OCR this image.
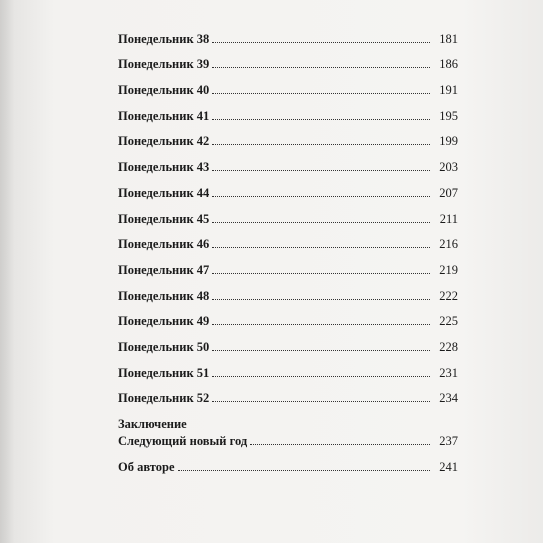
Понедельник 38	181
Понедельник 39	186
Понедельник 40	191
Понедельник 41	195
Понедельник 42	199
Понедельник 43	203
Понедельник 44	207
Понедельник 45	211
Понедельник 46	216
Понедельник 47	219
Понедельник 48	222
Понедельник 49	225
Понедельник 50	228
Понедельник 51	231
Понедельник 52	234
Заключение
Следующий новый год	237
Об авторе	241
